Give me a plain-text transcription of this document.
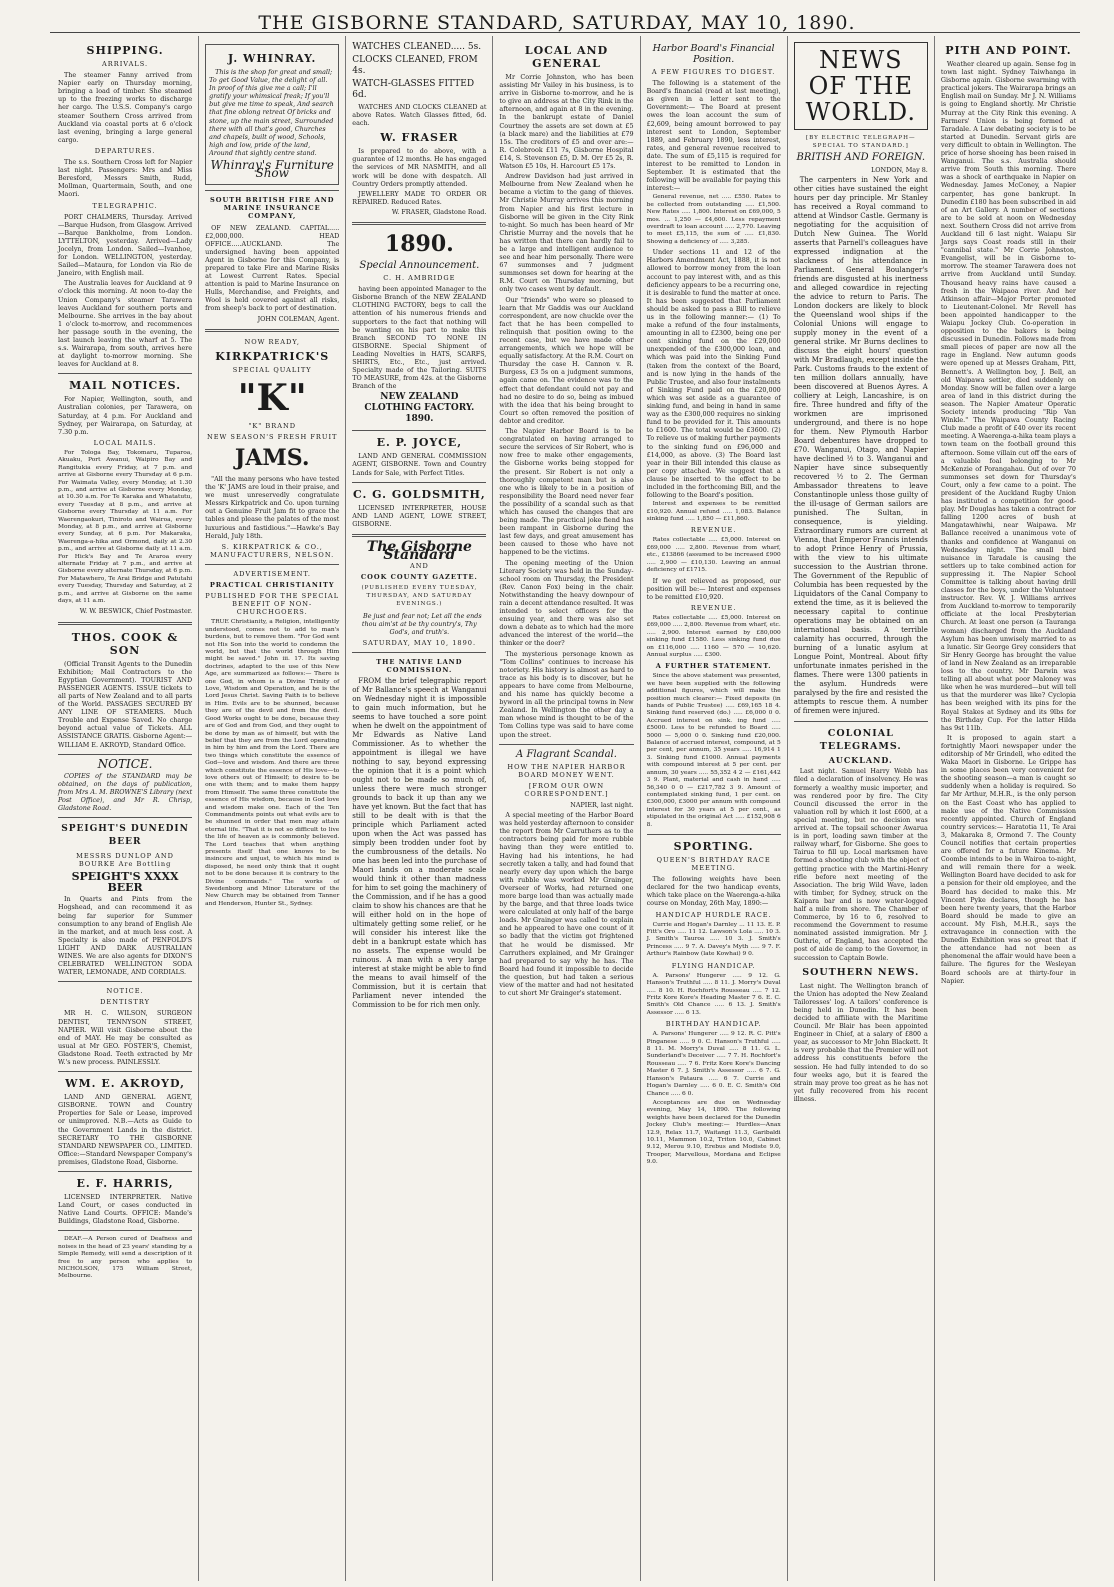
THE GISBORNE STANDARD, SATURDAY, MAY 10, 1890.
SHIPPING.
ARRIVALS.

The steamer Fanny arrived from Napier early on Thursday morning, bringing a load of timber. She steamed up to the freezing works to discharge her cargo. The U.S.S. Company's cargo steamer Southern Cross arrived from Auckland via coastal ports at 6 o'clock last evening, bringing a large general cargo.

DEPARTURES.

The s.s. Southern Cross left for Napier last night. Passengers: Mrs and Miss Beresford, Messrs Smith, Rudd, Mollman, Quartermain, South, and one Maori.

TELEGRAPHIC.

PORT CHALMERS, Thursday. Arrived—Barque Hudson, from Glasgow. Arrived—Barque Bankholme, from London. LYTTELTON, yesterday. Arrived—Lady Jocelyn, from London. Sailed—Ivanhoe, for London. WELLINGTON, yesterday. Sailed—Mataura, for London via Rio de Janeiro, with English mail.

The Australia leaves for Auckland at 9 o'clock this morning. At noon to-day the Union Company's steamer Tarawera leaves Auckland for southern ports and Melbourne. She arrives in the bay about 1 o'clock to-morrow, and recommences her passage south in the evening, the last launch leaving the wharf at 5. The s.s. Wairarapa, from south, arrives here at daylight to-morrow morning. She leaves for Auckland at 8.

MAIL NOTICES.

For Napier, Wellington, south, and Australian colonies, per Tarawera, on Saturday, at 4 p.m. For Auckland and Sydney, per Wairarapa, on Saturday, at 7.30 p.m.

LOCAL MAILS.

For Tologa Bay, Tokomaru, Tuparoa, Akuaku, Port Awanui, Waipiro Bay and Rangitukia every Friday, at 7 p.m. and arrive at Gisborne every Thursday at 6 p.m. For Waimata Valley, every Monday, at 1.30 p.m., and arrive at Gisborne every Monday, at 10.30 a.m. For Te Karaka and Whatatutu, every Tuesday at 8 p.m., and arrive at Gisborne every Thursday at 11 a.m. For Waerengaokuri, Tiniroto and Wairoa, every Monday, at 8 p.m., and arrive at Gisborne every Sunday, at 6 p.m. For Makaraka, Waerenga-a-hika and Ormond, daily at 2.30 p.m., and arrive at Gisborne daily at 11 a.m. For Hick's Bay and Te Araroa every alternate Friday at 7 p.m., and arrive at Gisborne every alternate Thursday, at 6 p.m. For Matawhero, Te Arai Bridge and Patutahi every Tuesday, Thursday and Saturday, at 2 p.m., and arrive at Gisborne on the same days, at 11 a.m.

W. W. BESWICK, Chief Postmaster.

THOS. COOK & SON

(Official Transit Agents to the Dunedin Exhibition; Mail Contractors to the Egyptian Government). TOURIST AND PASSENGER AGENTS. ISSUE tickets to all parts of New Zealand and to all parts of the World. PASSAGES SECURED BY ANY LINE OF STEAMERS. Much Trouble and Expense Saved. No charge beyond actual value of Tickets. ALL ASSISTANCE GRATIS. Gisborne Agent:—WILLIAM E. AKROYD, Standard Office.

NOTICE.

COPIES of the STANDARD may be obtained, on the days of publication, from Mrs A. M. BROWNE'S Library (next Post Office), and Mr R. Chrisp, Gladstone Road.

SPEIGHT'S DUNEDIN BEER
MESSRS DUNLOP AND BOURKE Are Bottling
SPEIGHT'S XXXX BEER

In Quarts and Pints from the Hogshead, and can recommend it as being far superior for Summer consumption to any brand of English Ale in the market, and at much less cost. A Specialty is also made of PENFOLD'S LIGHT AND DARK AUSTRALIAN WINES. We are also agents for DIXON'S CELEBRATED WELLINGTON SODA WATER, LEMONADE, AND CORDIALS.

NOTICE.
DENTISTRY

MR H. C. WILSON, SURGEON DENTIST, TENNYSON STREET, NAPIER. Will visit Gisborne about the end of MAY. He may be consulted as usual at Mr GEO. FOSTER'S, Chemist, Gladstone Road. Teeth extracted by Mr W.'s new process. PAINLESSLY.

WM. E. AKROYD,

LAND AND GENERAL AGENT, GISBORNE. TOWN and Country Properties for Sale or Lease, improved or unimproved. N.B.—Acts as Guide to the Government Lands in the district. SECRETARY TO THE GISBORNE STANDARD NEWSPAPER CO., LIMITED. Office:—Standard Newspaper Company's premises, Gladstone Road, Gisborne.

E. F. HARRIS,

LICENSED INTERPRETER. Native Land Court, or cases conducted in Native Land Courts. OFFICE: Mande's Buildings, Gladstone Road, Gisborne.

DEAF.—A Person cured of Deafness and noises in the head of 23 years' standing by a Simple Remedy, will send a description of it free to any person who applies to NICHOLSON, 175 William Street, Melbourne.

J. WHINRAY.

This is the shop for great and small; To get Good Value, the delight of all. In proof of this give me a call; I'll gratify your whimsical freak; If you'll but give me time to speak, And search that fine oblong retreat Of bricks and stone, up the main street, Surrounded there with all that's good, Churches and chapels, built of wood, Schools, high and low, pride of the land, Around that sightly centre stand.

Whinray's Furniture Show
SOUTH BRITISH FIRE AND MARINE INSURANCE COMPANY,

OF NEW ZEALAND. CAPITAL.....£2,000,000. HEAD OFFICE.....AUCKLAND. The undersigned having been appointed Agent in Gisborne for this Company, is prepared to take Fire and Marine Risks at Lowest Current Rates. Special attention is paid to Marine Insurance on Hulls, Merchandise, and Freights, and Wool is held covered against all risks, from sheep's back to port of destination.

JOHN COLEMAN, Agent.

NOW READY,
KIRKPATRICK'S
SPECIAL QUALITY
"K"
"K" BRAND
NEW SEASON'S FRESH FRUIT
JAMS.

"All the many persons who have tested the 'K' JAMS are loud in their praise, and we must unreservedly congratulate Messrs Kirkpatrick and Co. upon turning out a Genuine Fruit Jam fit to grace the tables and please the palates of the most luxurious and fastidious."—Hawke's Bay Herald, July 18th.

S. KIRKPATRICK & CO., MANUFACTURERS, NELSON.
ADVERTISEMENT.
PRACTICAL CHRISTIANITY
PUBLISHED FOR THE SPECIAL BENEFIT OF NON-CHURCHGOERS.

TRUE Christianity, a Religion, intelligently understood, comes not to add to man's burdens, but to remove them. "For God sent not His Son into the world to condemn the world, but that the world through Him might be saved." John iii. 17. Its saving doctrines, adapted to the use of this New Age, are summarized as follows:— There is one God, in whom is a Divine Trinity of Love, Wisdom and Operation, and he is the Lord Jesus Christ. Saving Faith is to believe in Him. Evils are to be shunned, because they are of the devil and from the devil. Good Works ought to be done, because they are of God and from God, and they ought to be done by man as of himself, but with the belief that they are from the Lord operating in him by him and from the Lord. There are two things which constitute the essence of God—love and wisdom. And there are three which constitute the essence of His love—to love others out of Himself; to desire to be one with them; and to make them happy from Himself. The same three constitute the essence of His wisdom, because in God love and wisdom make one. Each of the Ten Commandments points out what evils are to be shunned in order that men may attain eternal life. "That it is not so difficult to live the life of heaven as is commonly believed. The Lord teaches that when anything presents itself that one knows to be insincere and unjust, to which his mind is disposed, he need only think that it ought not to be done because it is contrary to the Divine commands." The works of Swedenborg and Minor Literature of the New Church may be obtained from Tanner and Henderson, Hunter St., Sydney.

WATCHES CLEANED..... 5s.
CLOCKS CLEANED, FROM 4s.
WATCH-GLASSES FITTED 6d.

WATCHES AND CLOCKS CLEANED at above Rates. Watch Glasses fitted, 6d. each.

W. FRASER

Is prepared to do above, with a guarantee of 12 months. He has engaged the services of MR NASMITH, and all work will be done with despatch. All Country Orders promptly attended.

JEWELLERY MADE TO ORDER OR REPAIRED. Reduced Rates.

W. FRASER, Gladstone Road.

1890.
Special Announcement.
C. H. AMBRIDGE

having been appointed Manager to the Gisborne Branch of the NEW ZEALAND CLOTHING FACTORY, begs to call the attention of his numerous friends and supporters to the fact that nothing will be wanting on his part to make this Branch SECOND TO NONE IN GISBORNE. Special Shipment of Leading Novelties in HATS, SCARFS, SHIRTS, Etc., Etc., just arrived. Specialty made of the Tailoring. SUITS TO MEASURE, from 42s. at the Gisborne Branch of the

NEW ZEALAND CLOTHING FACTORY. 1890.
E. P. JOYCE,

LAND AND GENERAL COMMISSION AGENT, GISBORNE. Town and Country Lands for Sale, with Perfect Titles.

C. G. GOLDSMITH,

LICENSED INTERPRETER, HOUSE AND LAND AGENT, LOWE STREET, GISBORNE.

The Gisborne Standard
AND
COOK COUNTY GAZETTE.
(PUBLISHED EVERY TUESDAY, THURSDAY, AND SATURDAY EVENINGS.)

Be just and fear not; Let all the ends thou aim'st at be thy country's, Thy God's, and truth's.

SATURDAY, MAY 10, 1890.
THE NATIVE LAND COMMISSION.

FROM the brief telegraphic report of Mr Ballance's speech at Wanganui on Wednesday night it is impossible to gain much information, but he seems to have touched a sore point when he dwelt on the appointment of Mr Edwards as Native Land Commissioner. As to whether the appointment is illegal we have nothing to say, beyond expressing the opinion that it is a point which ought not to be made so much of, unless there were much stronger grounds to back it up than any we have yet known. But the fact that has still to be dealt with is that the principle which Parliament acted upon when the Act was passed has simply been trodden under foot by the cumbrousness of the details. No one has been led into the purchase of Maori lands on a moderate scale would think it other than madness for him to set going the machinery of the Commission, and if he has a good claim to show his chances are that he will either hold on in the hope of ultimately getting some relief, or he will consider his interest like the debt in a bankrupt estate which has no assets. The expense would be ruinous. A man with a very large interest at stake might be able to find the means to avail himself of the Commission, but it is certain that Parliament never intended the Commission to be for rich men only.

LOCAL AND GENERAL

Mr Corrie Johnston, who has been assisting Mr Vailey in his business, is to arrive in Gisborne to-morrow, and he is to give an address at the City Rink in the afternoon, and again at 8 in the evening. In the bankrupt estate of Daniel Courtney the assets are set down at £5 (a black mare) and the liabilities at £79 15s. The creditors of £5 and over are:—R. Colebrook £11 7s, Gisborne Hospital £14, S. Stevenson £5, D. M. Orr £5 2s, R. Watson £5 10s, H. Harcourt £5 17s.

Andrew Davidson had just arrived in Melbourne from New Zealand when he became a victim to the gang of thieves. Mr Christie Murray arrives this morning from Napier and his first lecture in Gisborne will be given in the City Rink to-night. So much has been heard of Mr Christie Murray and the novels that he has written that there can hardly fail to be a large and intelligent audience to see and hear him personally. There were 67 summonses and 7 judgment summonses set down for hearing at the R.M. Court on Thursday morning, but only two cases went by default.

Our "friends" who were so pleased to learn that Mr Gaddis was our Auckland correspondent, are now chuckle over the fact that he has been compelled to relinquish that position owing to the recent case, but we have made other arrangements, which we hope will be equally satisfactory. At the R.M. Court on Thursday the case H. Cannon v. R. Burgess, £3 5s on a judgment summons, again came on. The evidence was to the effect that defendant could not pay and had no desire to do so, being as imbued with the idea that his being brought to Court so often removed the position of debtor and creditor.

The Napier Harbor Board is to be congratulated on having arranged to secure the services of Sir Robert, who is now free to make other engagements, the Gisborne works being stopped for the present. Sir Robert is not only a thoroughly competent man but is also one who is likely to be in a position of responsibility the Board need never fear the possibility of a scandal such as that which has caused the changes that are being made. The practical joke fiend has been rampant in Gisborne during the last few days, and great amusement has been caused to those who have not happened to be the victims.

The opening meeting of the Union Literary Society was held in the Sunday-school room on Thursday, the President (Rev. Canon Fox) being in the chair. Notwithstanding the heavy downpour of rain a decent attendance resulted. It was intended to select officers for the ensuing year, and there was also set down a debate as to which had the more advanced the interest of the world—the thinker or the doer?

The mysterious personage known as "Tom Collins" continues to increase his notoriety. His history is almost as hard to trace as his body is to discover, but he appears to have come from Melbourne, and his name has quickly become a byword in all the principal towns in New Zealand. In Wellington the other day a man whose mind is thought to be of the Tom Collins type was said to have come upon the street.

A Flagrant Scandal.
HOW THE NAPIER HARBOR BOARD MONEY WENT.
[FROM OUR OWN CORRESPONDENT.]

NAPIER, last night.

A special meeting of the Harbor Board was held yesterday afternoon to consider the report from Mr Carruthers as to the contractors being paid for more rubble having than they were entitled to. Having had his intentions, he had secretly taken a tally, and had found that nearly every day upon which the barge with rubble was worked Mr Grainger, Overseer of Works, had returned one more barge load than was actually made by the barge, and that three loads twice were calculated at only half of the barge loads. Mr Grainger was called to explain and he appeared to have one count of it so badly that the victim got frightened that he would be dismissed. Mr Carruthers explained, and Mr Grainger had prepared to say why he has. The Board had found it impossible to decide the question, but had taken a serious view of the matter and had not hesitated to cut short Mr Grainger's statement.

Harbor Board's Financial Position.
A FEW FIGURES TO DIGEST.

The following is a statement of the Board's financial (read at last meeting), as given in a letter sent to the Government:— The Board at present owes the loan account the sum of £2,609, being amount borrowed to pay interest sent to London, September 1889, and February 1890, less interest, rates, and general revenue received to date. The sum of £5,115 is required for interest to be remitted to London in September. It is estimated that the following will be available for paying this interest:—

General revenue, net ..... £550. Rates to be collected from outstanding ..... £1,500. New Rates ..... 1,800. Interest on £69,000, 5 mos. ... 1,250 — £4,600. Less repayment overdraft to loan account ..... 2,770. Leaving to meet £5,115, the sum of ..... £1,830. Showing a deficiency of ..... 3,285.

Under sections 11 and 12 of the Harbors Amendment Act, 1888, it is not allowed to borrow money from the loan account to pay interest with, and as this deficiency appears to be a recurring one, it is desirable to fund the matter at once. It has been suggested that Parliament should be asked to pass a Bill to relieve us in the following manner:— (1) To make a refund of the four instalments, amounting in all to £2300, being one per cent sinking fund on the £29,000 unexpended of the £300,000 loan, and which was paid into the Sinking Fund (taken from the context of the Board, and is now lying in the hands of the Public Trustee, and also four instalments of Sinking Fund paid on the £20,000 which was set aside as a guarantee of sinking fund, and being in hand in same way as the £300,000 requires no sinking fund to be provided for it. This amounts to £1600. The total would be £3600. (2) To relieve us of making further payments to the sinking fund on £96,000 and £14,000, as above. (3) The Board last year in their Bill intended this clause as per copy attached. We suggest that a clause be inserted to the effect to be included in the forthcoming Bill, and the following to the Board's position.

Interest and expenses to be remitted £10,920. Annual refund ..... 1,083. Balance sinking fund ..... 1,850 — £11,860.

REVENUE.

Rates collectable ..... £5,000. Interest on £69,000 ..... 2,800. Revenue from wharf, etc., £13866 (assumed to be increased £900 ..... 2,900 — £10,130. Leaving an annual deficiency of £1715.

If we get relieved as proposed, our position will be:— Interest and expenses to be remitted £10,920.

REVENUE.

Rates collectable ..... £5,000. Interest on £69,000 ..... 2,800. Revenue from wharf, etc. ..... 2,900. Interest earned by £80,000 sinking fund £1580. Less sinking fund due on £116,000 ..... 1160 — 570 — 10,620. Annual surplus ..... £300.

A FURTHER STATEMENT.

Since the above statement was presented, we have been supplied with the following additional figures, which will make the position much clearer:— Fixed deposits (in hands of Public Trustee) ..... £69,165 18 4. Sinking fund reserved (do.) ..... £6,000 0 0. Accrued interest on sink. ing fund ..... £5000. Less to be refunded to Board ..... 5000 — 5,000 0 0. Sinking fund £20,000. Balance of accrued interest, compound, at 5 per cent, per annum, 35 years ..... 16,914 1 3. Sinking fund £1000. Annual payments with compound interest at 5 per cent. per annum, 30 years ..... 55,352 4 2 — £161,442 3 9. Plant, material and cash in hand ..... 56,340 0 0 — £217,782 3 9. Amount of contemplated sinking fund, 1 per cent. on £300,000, £3000 per annum with compound interest for 30 years at 5 per cent., as stipulated in the original Act ..... £152,908 6 8.

SPORTING.
QUEEN'S BIRTHDAY RACE MEETING.

The following weights have been declared for the two handicap events, which take place on the Waerenga-a-hika course on Monday, 26th May, 1890:—

HANDICAP HURDLE RACE.

Currie and Hogan's Darnley ... 11 13. E. P. Fitt's Oro ..... 11 12. Lawson's Lola ..... 10 3. J. Smith's Tauroa ..... 10 3. J. Smith's Princess ..... 9 7. A. Davey's Myth ..... 9 7. F. Arthur's Rainbow (late Kowhai) 9 0.

FLYING HANDICAP.

A. Parsons' Hungerer ..... 9 12. G. Hanson's Truthful ..... 8 11. J. Morry's Duval ..... 8 10. H. Rochfort's Rousseau ..... 7 12. Fritz Kore Kore's Heading Master 7 6. E. C. Smith's Old Chance ..... 6 13. J. Smith's Assessor ..... 6 13.

BIRTHDAY HANDICAP.

A. Parsons' Hungerer ..... 9 12. R. C. Pitt's Pinganese ..... 9 0. C. Hanson's Truthful ..... 8 11. M. Morry's Duval ..... 8 11. G. L. Sunderland's Deceiver ..... 7 7. H. Rochfort's Rousseau ..... 7 6. Fritz Kore Kore's Dancing Master 6 7. J. Smith's Assessor ..... 6 7. G. Hanson's Pataura ..... 6 7. Currie and Hogan's Darnley ..... 6 0. E. C. Smith's Old Chance ..... 6 0.

Acceptances are due on Wednesday evening, May 14, 1890. The following weights have been declared for the Dunedin Jockey Club's meeting:— Hurdles—Anax 12.9, Relax 11.7, Waitangi 11.3, Garibaldi 10.11, Mammon 10.2, Triton 10.0, Cabinet 9.12, Merou 9.10, Erebus and Modiste 9.0, Trooper, Marvellous, Mordana and Eclipse 9.0.

NEWS OF THE WORLD.
[BY ELECTRIC TELEGRAPH—SPECIAL TO STANDARD.]
BRITISH AND FOREIGN.

LONDON, May 8.

The carpenters in New York and other cities have sustained the eight hours per day principle. Mr Stanley has received a Royal command to attend at Windsor Castle. Germany is negotiating for the acquisition of Dutch New Guinea. The World asserts that Parnell's colleagues have expressed indignation at the slackness of his attendance in Parliament. General Boulanger's friends are disgusted at his inertness and alleged cowardice in rejecting the advice to return to Paris. The London dockers are likely to block the Queensland wool ships if the Colonial Unions will engage to supply money in the event of a general strike. Mr Burns declines to discuss the eight hours' question with Mr Bradlaugh, except inside the Park. Customs frauds to the extent of ten million dollars annually, have been discovered at Buenos Ayres. A colliery at Leigh, Lancashire, is on fire. Three hundred and fifty of the workmen are imprisoned underground, and there is no hope for them. New Plymouth Harbor Board debentures have dropped to £70. Wanganui, Otago, and Napier have declined ½ to 3. Wanganui and Napier have since subsequently recovered ½ to 2. The German Ambassador threatens to leave Constantinople unless those guilty of the ill-usage of German sailors are punished. The Sultan, in consequence, is yielding. Extraordinary rumors are current at Vienna, that Emperor Francis intends to adopt Prince Henry of Prussia, with the view to his ultimate succession to the Austrian throne. The Government of the Republic of Columbia has been requested by the Liquidators of the Canal Company to extend the time, as it is believed the necessary capital to continue operations may be obtained on an international basis. A terrible calamity has occurred, through the burning of a lunatic asylum at Longue Point, Montreal. About fifty unfortunate inmates perished in the flames. There were 1300 patients in the asylum. Hundreds were paralysed by the fire and resisted the attempts to rescue them. A number of firemen were injured.

COLONIAL TELEGRAMS.
AUCKLAND.

Last night. Samuel Harry Webb has filed a declaration of insolvency. He was formerly a wealthy music importer, and was rendered poor by fire. The City Council discussed the error in the valuation roll by which it lost £600, at a special meeting, but no decision was arrived at. The topsail schooner Awarua is in port, loading sawn timber at the railway wharf, for Gisborne. She goes to Tairua to fill up. Local marksmen have formed a shooting club with the object of getting practice with the Martini-Henry rifle before next meeting of the Association. The brig Wild Wave, laden with timber, for Sydney, struck on the Kaipara bar and is now water-logged half a mile from shore. The Chamber of Commerce, by 16 to 6, resolved to recommend the Government to resume nominated assisted immigration. Mr J. Guthrie, of England, has accepted the post of aide de camp to the Governor, in succession to Captain Bowle.

SOUTHERN NEWS.

Last night. The Wellington branch of the Union has adopted the New Zealand Tailoresses' log. A tailors' conference is being held in Dunedin. It has been decided to affiliate with the Maritime Council. Mr Blair has been appointed Engineer in Chief, at a salary of £800 a year, as successor to Mr John Blackett. It is very probable that the Premier will not address his constituents before the session. He had fully intended to do so four weeks ago, but it is feared the strain may prove too great as he has not yet fully recovered from his recent illness.

PITH AND POINT.

Weather cleared up again. Sense fog in town last night. Sydney Taiwhanga in Gisborne again. Gisborne swarming with practical jokers. The Wairarapa brings an English mail on Sunday. Mr J. N. Williams is going to England shortly. Mr Christie Murray at the City Rink this evening. A Farmers' Union is being formed at Taradale. A Law debating society is to be started at Dunedin. Servant girls are very difficult to obtain in Wellington. The price of horse shoeing has been raised in Wanganui. The s.s. Australia should arrive from South this morning. There was a shock of earthquake in Napier on Wednesday. James McConey, a Napier carpenter, has gone bankrupt. In Dunedin £180 has been subscribed in aid of an Art Gallery. A number of sections are to be sold at noon on Wednesday next. Southern Cross did not arrive from Auckland till 6 last night. Waiapu Sir Jargs says Coast roads still in their "cannibal state." Mr Corrie Johnston, Evangelist, will be in Gisborne to-morrow. The steamer Tarawera does not arrive from Auckland until Sunday. Thousand heavy rains have caused a fresh in the Waipaoa river. And her Atkinson affair—Major Porter promoted to Lieutenant-Colonel. Mr Revell has been appointed handicapper to the Waiapu Jockey Club. Co-operation in opposition to the bakers is being discussed in Dunedin. Follows made from small pieces of paper are now all the rage in England. New autumn goods were opened up at Messrs Graham, Pitt, Bennett's. A Wellington boy, J. Bell, an old Waipawa settler, died suddenly on Monday. Snow will be fallen over a large area of land in this district during the season. The Napier Amateur Operatic Society intends producing "Rip Van Winkle." The Waipawa County Racing Club made a profit of £40 over its recent meeting. A Waerenga-a-hika team plays a town team on the football ground this afternoon. Some villain cut off the ears of a valuable foal belonging to Mr McKenzie of Porangahau. Out of over 70 summonses set down for Thursday's Court, only a few came to a point. The president of the Auckland Rugby Union has instituted a competition for good-play. Mr Douglas has taken a contract for falling 1200 acres of bush at Mangatawhiwhi, near Waipawa. Mr Ballance received a unanimous vote of thanks and confidence at Wanganui on Wednesday night. The small bird nuisance in Taradale is causing the settlers up to take combined action for suppressing it. The Napier School Committee is talking about having drill classes for the boys, under the Volunteer instructor. Rev. W. J. Williams arrives from Auckland to-morrow to temporarily officiate at the local Presbyterian Church. At least one person (a Tauranga woman) discharged from the Auckland Asylum has been unwisely married to as a lunatic. Sir George Grey considers that Sir Henry George has brought the value of land in New Zealand as an irreparable loss to the country. Mr Darwin was telling all about what poor Maloney was like when he was murdered—but will tell us that the murderer was like? Cyclopia has been weighed with its pins for the Royal Stakes at Sydney and its 9lbs for the Birthday Cup. For the latter Hilda has 9st 11lb.

It is proposed to again start a fortnightly Maori newspaper under the editorship of Mr Grindell, who edited the Waka Maori in Gisborne. Le Grippe has in some places been very convenient for the shooting season—a man is caught so suddenly when a holiday is required. So far Mr Arthur, M.H.R., is the only person on the East Coast who has applied to make use of the Native Commission recently appointed. Church of England country services:— Haratotia 11, Te Arai 3, Makaraka 8, Ormond 7. The County Council notifies that certain properties are offered for a future Kinema. Mr Coombe intends to be in Wairoa to-night, and will remain there for a week. Wellington Board have decided to ask for a pension for their old employee, and the Board has decided to make this. Mr Vincent Pyke declares, though he has been here twenty years, that the Harbor Board should be made to give an account. My Fish, M.H.R., says the extravagance in connection with the Dunedin Exhibition was so great that if the attendance had not been as phenomenal the affair would have been a failure. The figures for the Wesleyan Board schools are at thirty-four in Napier.
